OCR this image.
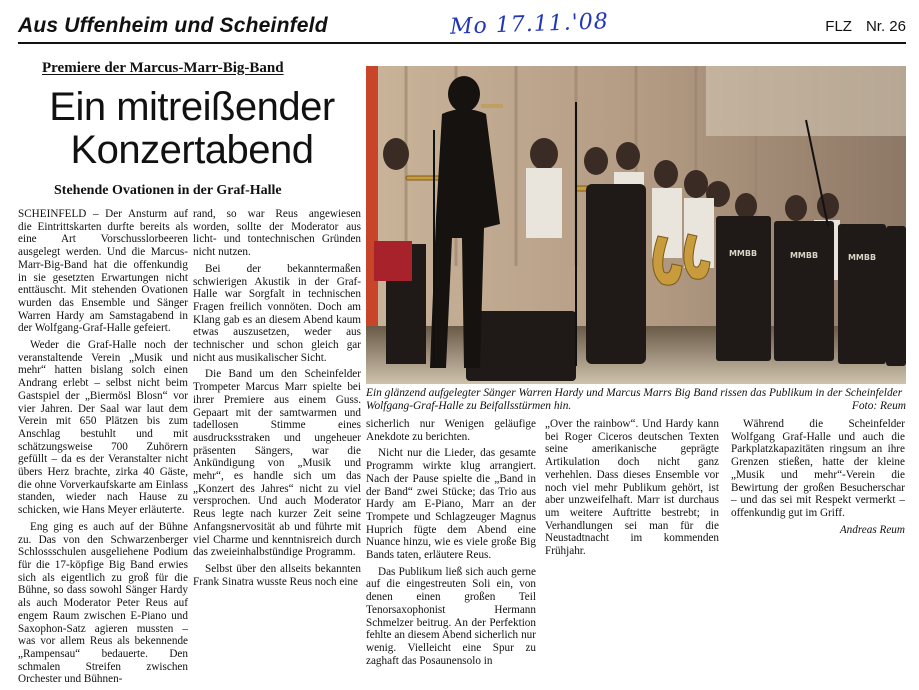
Aus Uffenheim und Scheinfeld	Mo 17.11.'08	FLZ Nr. 26
Premiere der Marcus-Marr-Big-Band
Ein mitreißender
Konzertabend
Stehende Ovationen in der Graf-Halle
MMBB	MMBB	MMBB
Ein glänzend aufgelegter Sänger Warren Hardy und Marcus Marrs Big Band rissen das Publikum in der Scheinfelder Wolfgang-Graf-Halle zu Beifallsstürmen hin.	Foto: Reum

SCHEINFELD – Der Ansturm auf die Eintrittskarten durfte bereits als eine Art Vorschusslorbeeren ausgelegt werden. Und die Marcus-Marr-Big-Band hat die offenkundig in sie gesetzten Erwartungen nicht enttäuscht. Mit stehenden Ovationen wurden das Ensemble und Sänger Warren Hardy am Samstagabend in der Wolfgang-Graf-Halle gefeiert.

Weder die Graf-Halle noch der veranstaltende Verein „Musik und mehr“ hatten bislang solch einen Andrang erlebt – selbst nicht beim Gastspiel der „Biermösl Blosn“ vor vier Jahren. Der Saal war laut dem Verein mit 650 Plätzen bis zum Anschlag bestuhlt und mit schätzungsweise 700 Zuhörern gefüllt – da es der Veranstalter nicht übers Herz brachte, zirka 40 Gäste, die ohne Vorverkaufskarte am Einlass standen, wieder nach Hause zu schicken, wie Hans Meyer erläuterte.

Eng ging es auch auf der Bühne zu. Das von den Schwarzenberger Schlossschulen ausgeliehene Podium für die 17-köpfige Big Band erwies sich als eigentlich zu groß für die Bühne, so dass sowohl Sänger Hardy als auch Moderator Peter Reus auf engem Raum zwischen E-Piano und Saxophon-Satz agieren mussten – was vor allem Reus als bekennende „Rampensau“ bedauerte. Den schmalen Streifen zwischen Orchester und Bühnen-

rand, so war Reus angewiesen worden, sollte der Moderator aus licht- und tontechnischen Gründen nicht nutzen.

Bei der bekanntermaßen schwierigen Akustik in der Graf-Halle war Sorgfalt in technischen Fragen freilich vonnöten. Doch am Klang gab es an diesem Abend kaum etwas auszusetzen, weder aus technischer und schon gleich gar nicht aus musikalischer Sicht.

Die Band um den Scheinfelder Trompeter Marcus Marr spielte bei ihrer Premiere aus einem Guss. Gepaart mit der samtwarmen und tadellosen Stimme eines ausdrucksstraken und ungeheuer präsenten Sängers, war die Ankündigung von „Musik und mehr“, es handle sich um das „Konzert des Jahres“ nicht zu viel versprochen. Und auch Moderator Reus legte nach kurzer Zeit seine Anfangsnervosität ab und führte mit viel Charme und kenntnisreich durch das zweieinhalbstündige Programm.

Selbst über den allseits bekannten Frank Sinatra wusste Reus noch eine

sicherlich nur Wenigen geläufige Anekdote zu berichten.

Nicht nur die Lieder, das gesamte Programm wirkte klug arrangiert. Nach der Pause spielte die „Band in der Band“ zwei Stücke; das Trio aus Hardy am E-Piano, Marr an der Trompete und Schlagzeuger Magnus Huprich fügte dem Abend eine Nuance hinzu, wie es viele große Big Bands taten, erläutere Reus.

Das Publikum ließ sich auch gerne auf die eingestreuten Soli ein, von denen einen großen Teil Tenorsaxophonist Hermann Schmelzer beitrug. An der Perfektion fehlte an diesem Abend sicherlich nur wenig. Vielleicht eine Spur zu zaghaft das Posaunensolo in

„Over the rainbow“. Und Hardy kann bei Roger Ciceros deutschen Texten seine amerikanische geprägte Artikulation doch nicht ganz verhehlen. Dass dieses Ensemble vor noch viel mehr Publikum gehört, ist aber unzweifelhaft. Marr ist durchaus um weitere Auftritte bestrebt; in Verhandlungen sei man für die Neustadtnacht im kommenden Frühjahr.

Während die Scheinfelder Wolfgang Graf-Halle und auch die Parkplatzkapazitäten ringsum an ihre Grenzen stießen, hatte der kleine „Musik und mehr“-Verein die Bewirtung der großen Besucherschar – und das sei mit Respekt vermerkt – offenkundig gut im Griff.

Andreas Reum
